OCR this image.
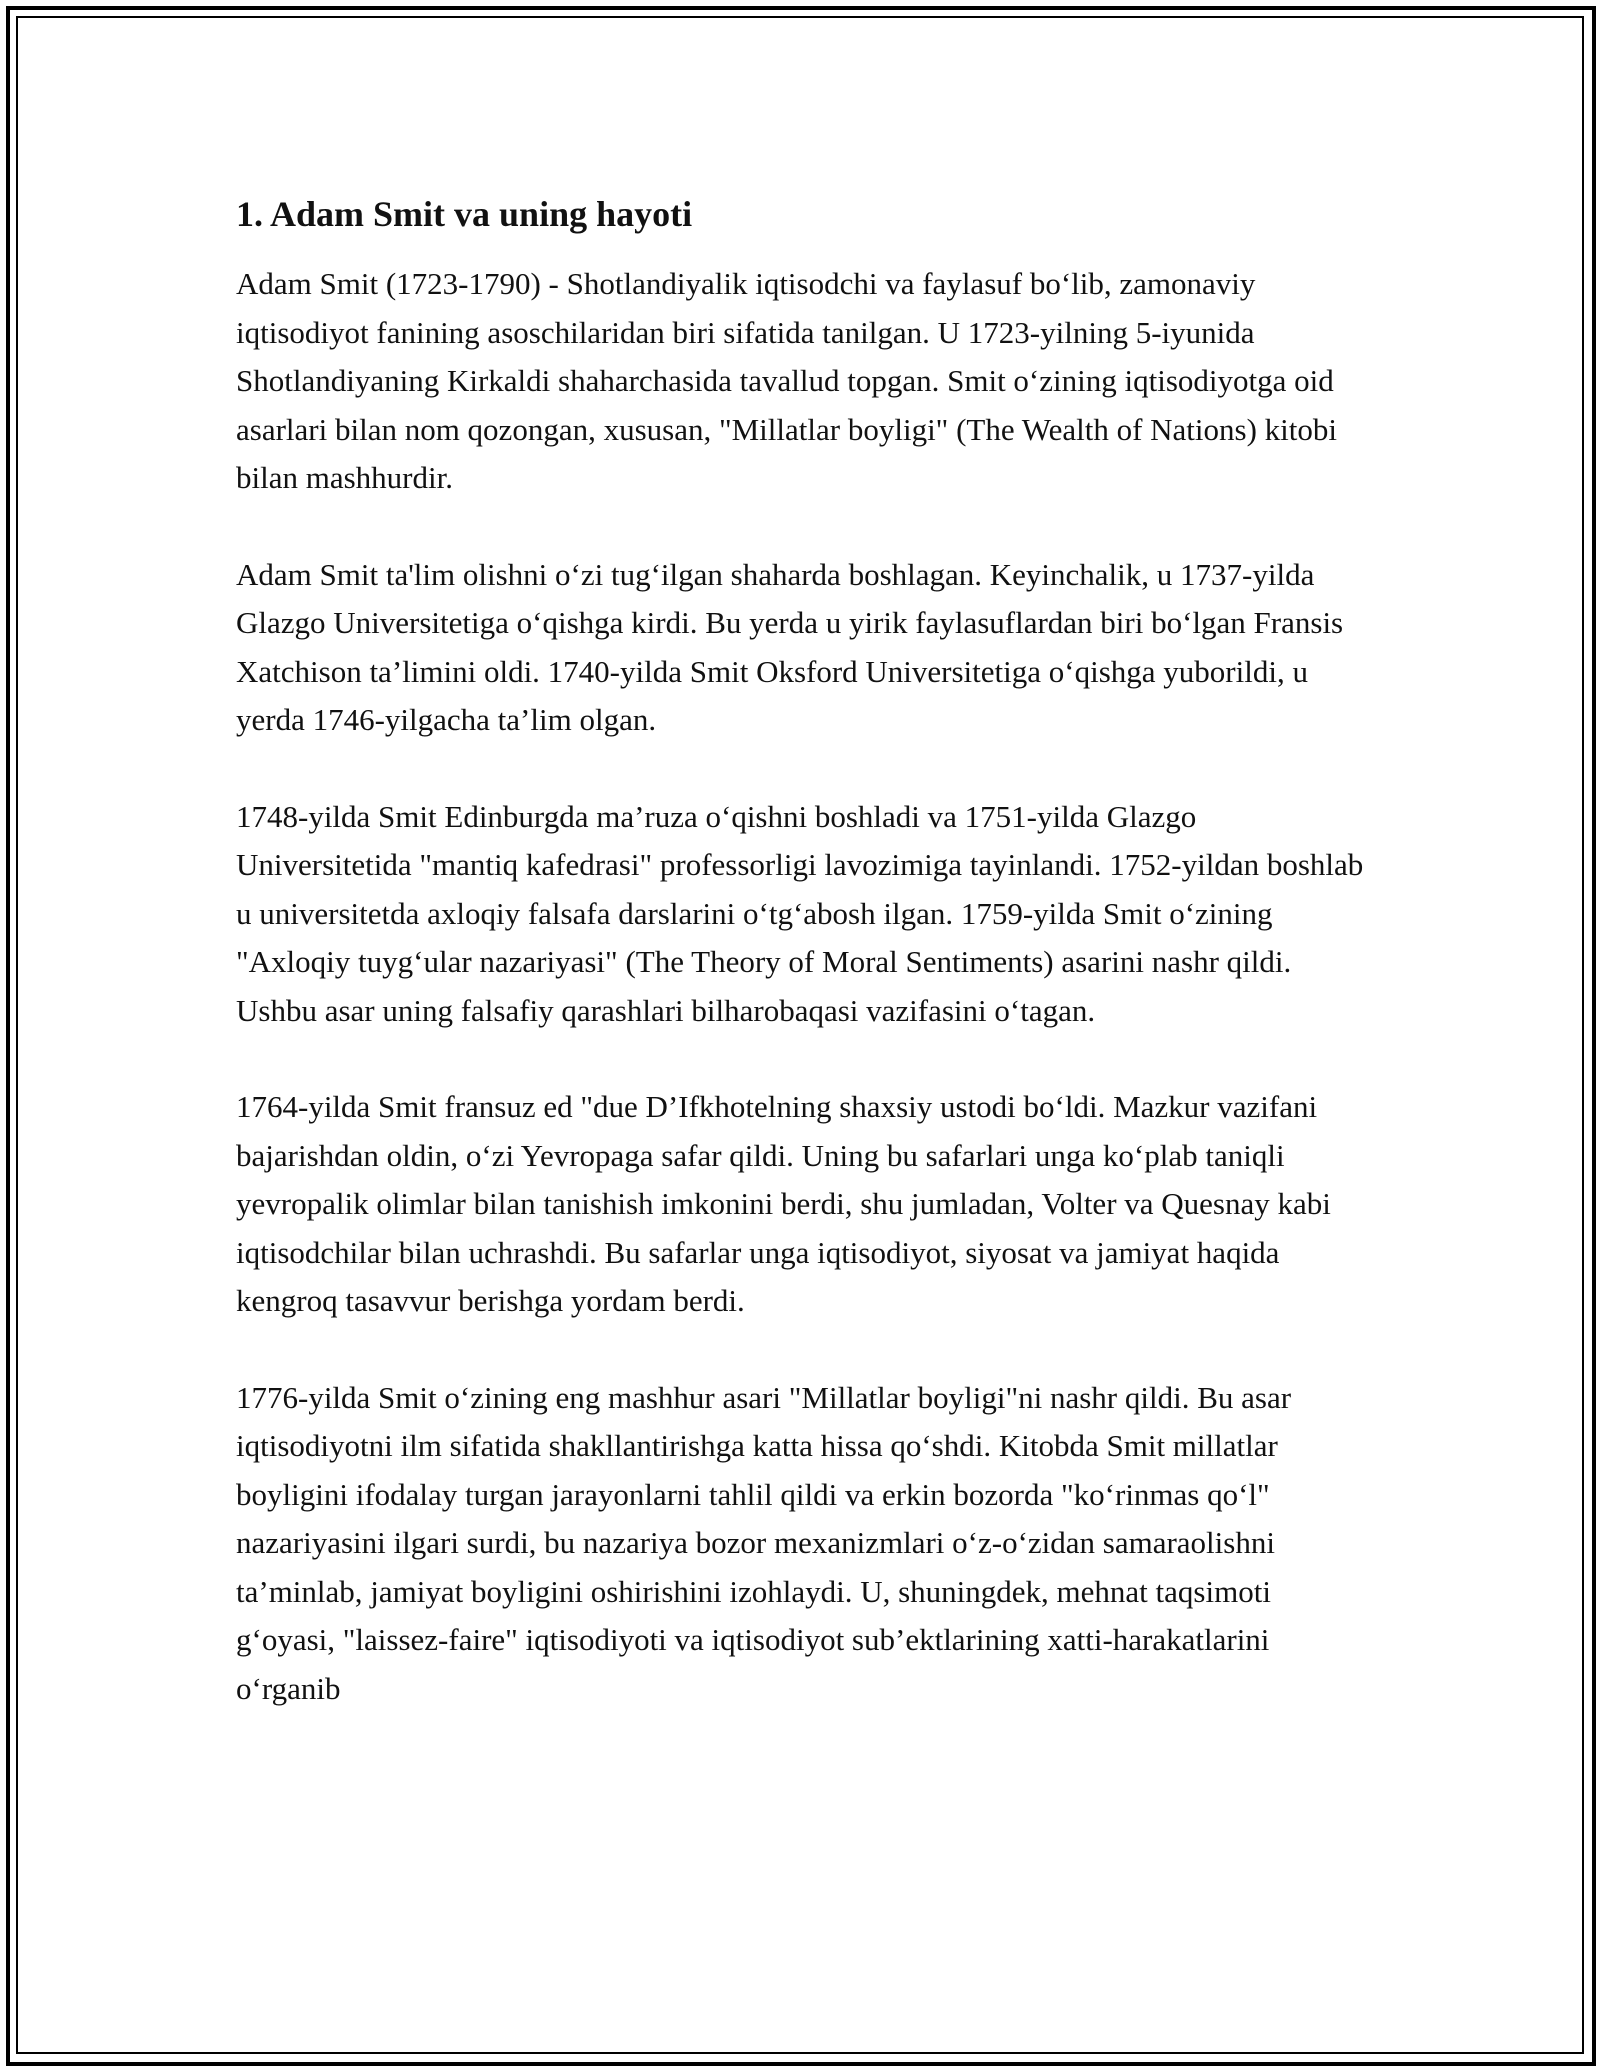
1. Adam Smit va uning hayoti

Adam Smit (1723-1790) - Shotlandiyalik iqtisodchi va faylasuf bo‘lib, zamonaviy iqtisodiyot fanining asoschilaridan biri sifatida tanilgan. U 1723-yilning 5-iyunida Shotlandiyaning Kirkaldi shaharchasida tavallud topgan. Smit o‘zining iqtisodiyotga oid asarlari bilan nom qozongan, xususan, "Millatlar boyligi" (The Wealth of Nations) kitobi bilan mashhurdir.

Adam Smit ta'lim olishni o‘zi tug‘ilgan shaharda boshlagan. Keyinchalik, u 1737-yilda Glazgo Universitetiga o‘qishga kirdi. Bu yerda u yirik faylasuflardan biri bo‘lgan Fransis Xatchison ta’limini oldi. 1740-yilda Smit Oksford Universitetiga o‘qishga yuborildi, u yerda 1746-yilgacha ta’lim olgan.

1748-yilda Smit Edinburgda ma’ruza o‘qishni boshladi va 1751-yilda Glazgo Universitetida "mantiq kafedrasi" professorligi lavozimiga tayinlandi. 1752-yildan boshlab u universitetda axloqiy falsafa darslarini o‘tg‘abosh ilgan. 1759-yilda Smit o‘zining "Axloqiy tuyg‘ular nazariyasi" (The Theory of Moral Sentiments) asarini nashr qildi. Ushbu asar uning falsafiy qarashlari bilharobaqasi vazifasini o‘tagan.

1764-yilda Smit fransuz ed "due D’Ifkhotelning shaxsiy ustodi bo‘ldi. Mazkur vazifani bajarishdan oldin, o‘zi Yevropaga safar qildi. Uning bu safarlari unga ko‘plab taniqli yevropalik olimlar bilan tanishish imkonini berdi, shu jumladan, Volter va Quesnay kabi iqtisodchilar bilan uchrashdi. Bu safarlar unga iqtisodiyot, siyosat va jamiyat haqida kengroq tasavvur berishga yordam berdi.

1776-yilda Smit o‘zining eng mashhur asari "Millatlar boyligi"ni nashr qildi. Bu asar iqtisodiyotni ilm sifatida shakllantirishga katta hissa qo‘shdi. Kitobda Smit millatlar boyligini ifodalay turgan jarayonlarni tahlil qildi va erkin bozorda "ko‘rinmas qo‘l" nazariyasini ilgari surdi, bu nazariya bozor mexanizmlari o‘z-o‘zidan samaraolishni ta’minlab, jamiyat boyligini oshirishini izohlaydi. U, shuningdek, mehnat taqsimoti g‘oyasi, "laissez-faire" iqtisodiyoti va iqtisodiyot sub’ektlarining xatti-harakatlarini o‘rganib
